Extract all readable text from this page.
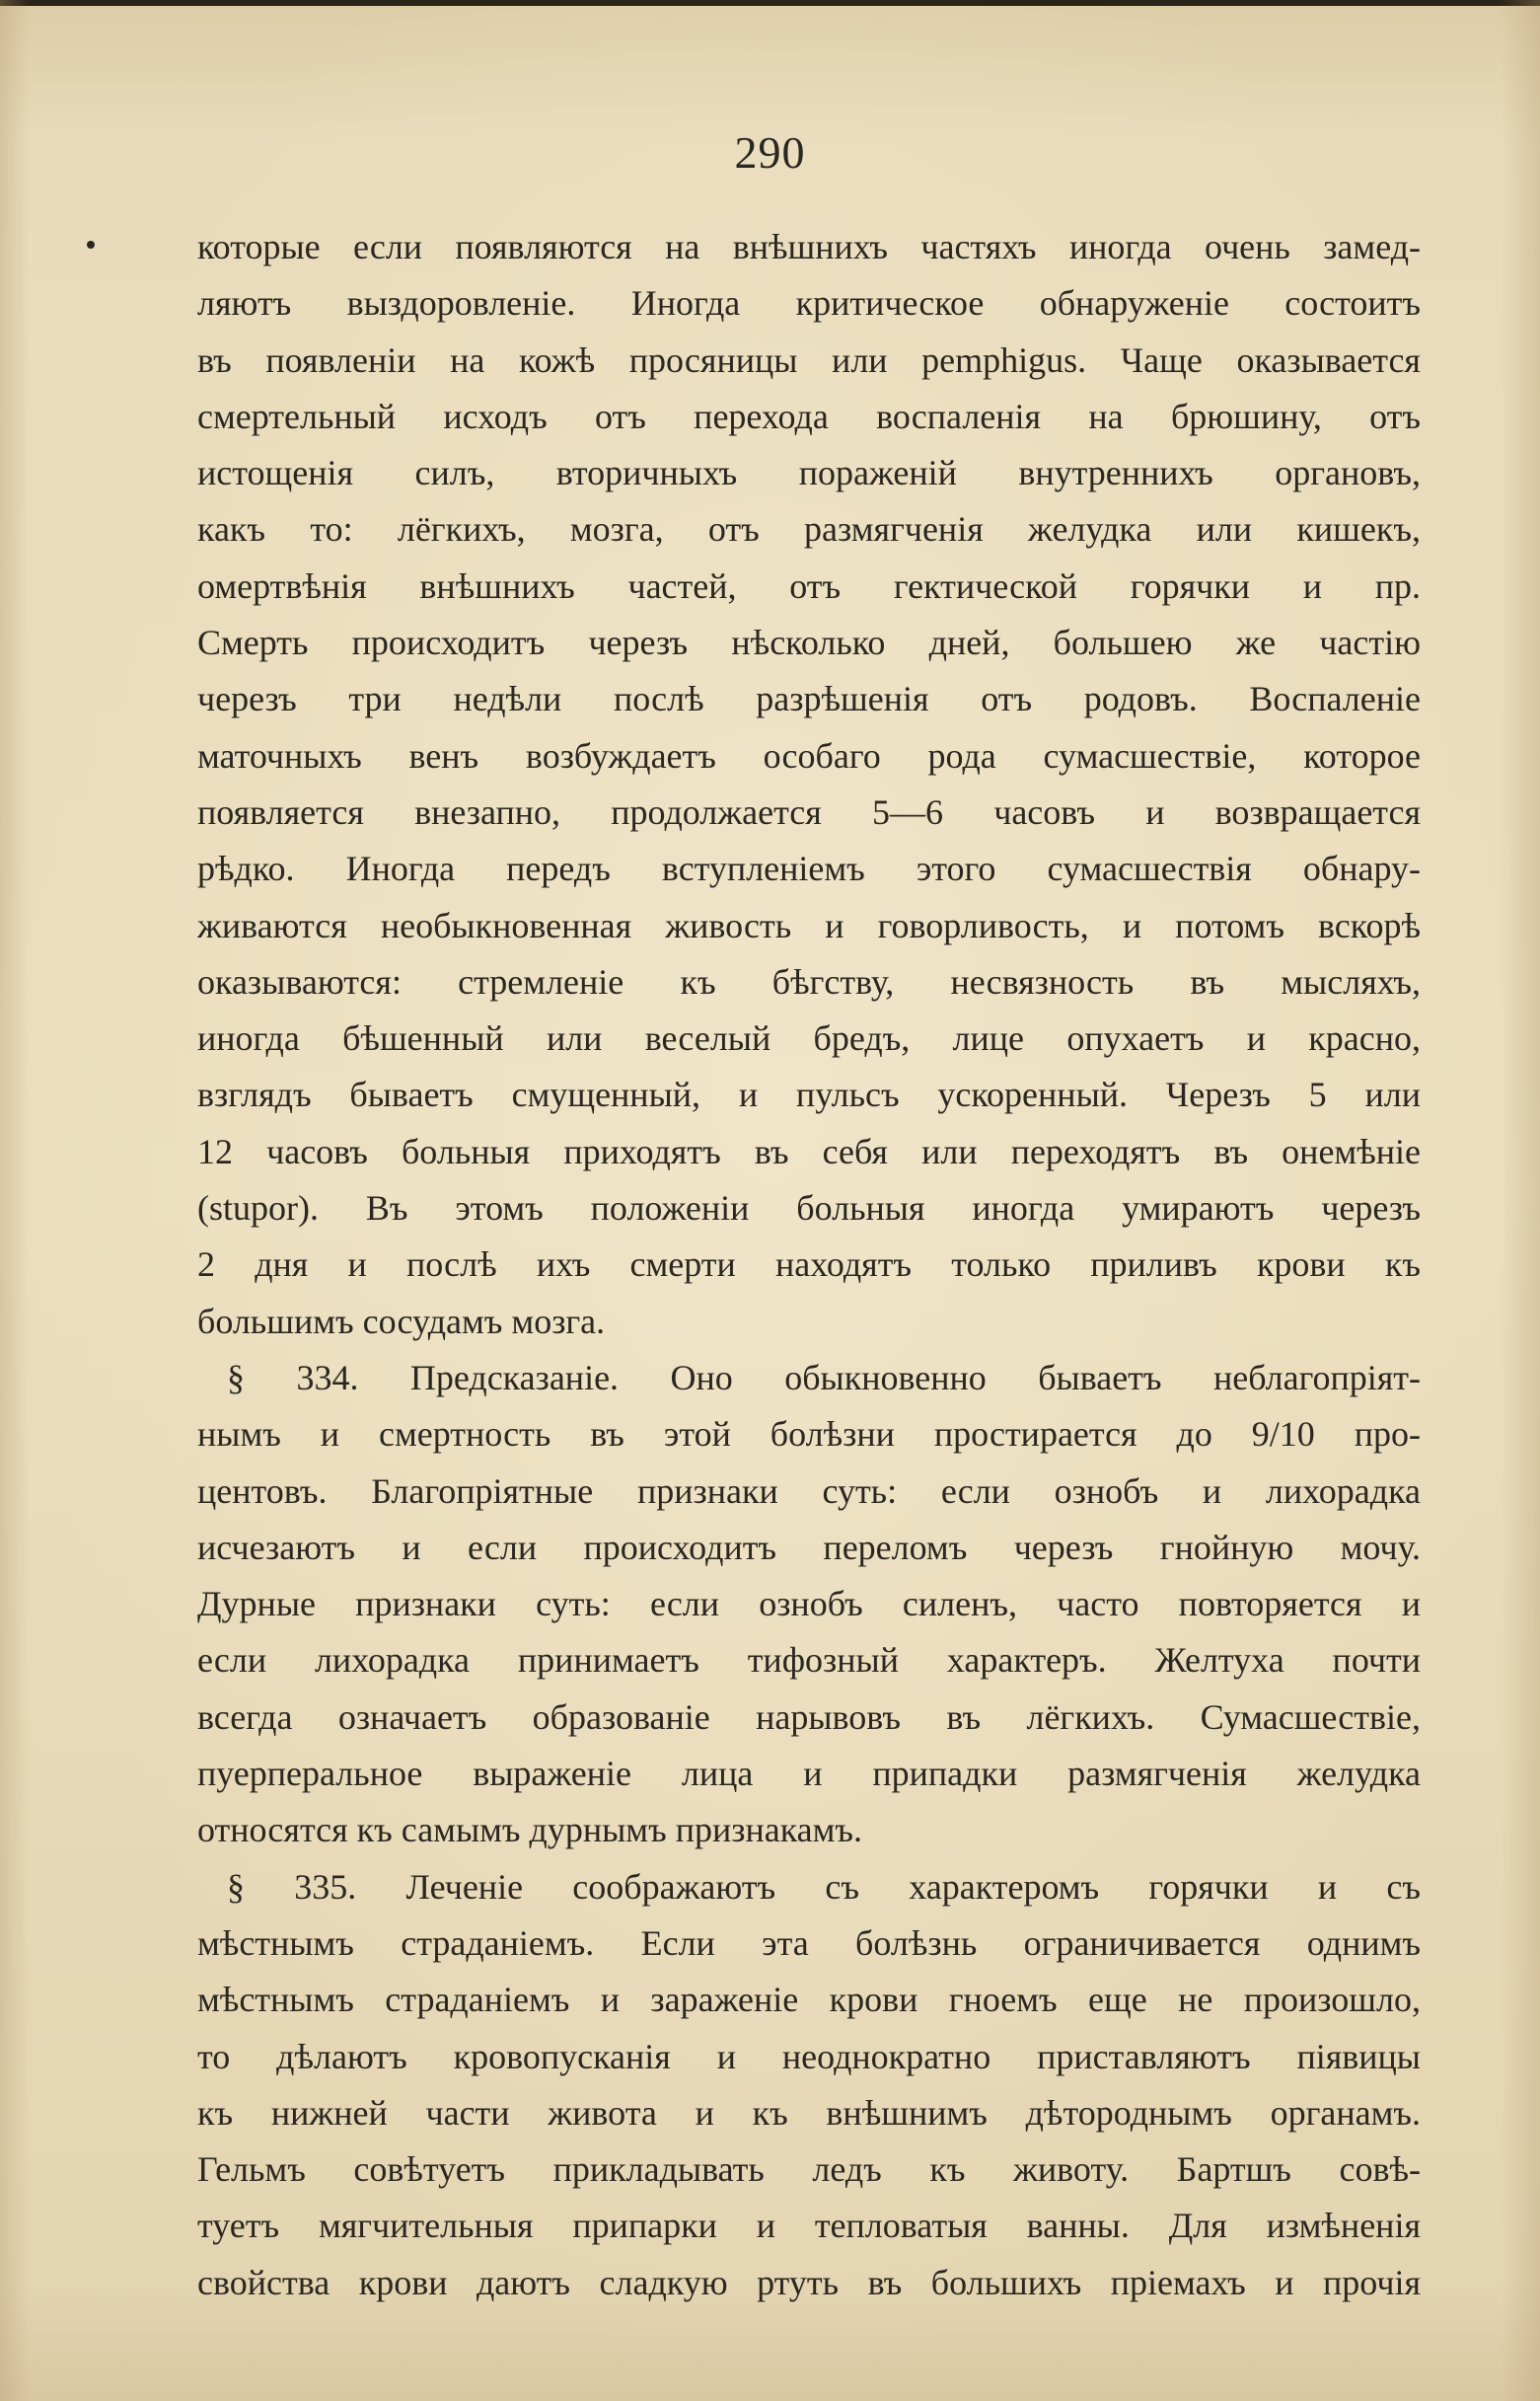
290
которые если появляются на внѣшнихъ частяхъ иногда очень замед-
ляютъ выздоровленіе. Иногда критическое обнаруженіе состоитъ
въ появленіи на кожѣ просяницы или pemphigus. Чаще оказывается
смертельный исходъ отъ перехода воспаленія на брюшину, отъ
истощенія силъ, вторичныхъ пораженій внутреннихъ органовъ,
какъ то: лёгкихъ, мозга, отъ размягченія желудка или кишекъ,
омертвѣнія внѣшнихъ частей, отъ гектической горячки и пр.
Смерть происходитъ черезъ нѣсколько дней, большею же частію
черезъ три недѣли послѣ разрѣшенія отъ родовъ. Воспаленіе
маточныхъ венъ возбуждаетъ особаго рода сумасшествіе, которое
появляется внезапно, продолжается 5—6 часовъ и возвращается
рѣдко. Иногда передъ вступленіемъ этого сумасшествія обнару-
живаются необыкновенная живость и говорливость, и потомъ вскорѣ
оказываются: стремленіе къ бѣгству, несвязность въ мысляхъ,
иногда бѣшенный или веселый бредъ, лице опухаетъ и красно,
взглядъ бываетъ смущенный, и пульсъ ускоренный. Черезъ 5 или
12 часовъ больныя приходятъ въ себя или переходятъ въ онемѣніе
(stupor). Въ этомъ положеніи больныя иногда умираютъ черезъ
2 дня и послѣ ихъ смерти находятъ только приливъ крови къ
большимъ сосудамъ мозга.
§ 334. Предсказаніе. Оно обыкновенно бываетъ неблагопріят-
нымъ и смертность въ этой болѣзни простирается до 9/10 про-
центовъ. Благопріятные признаки суть: если ознобъ и лихорадка
исчезаютъ и если происходитъ переломъ черезъ гнойную мочу.
Дурные признаки суть: если ознобъ силенъ, часто повторяется и
если лихорадка принимаетъ тифозный характеръ. Желтуха почти
всегда означаетъ образованіе нарывовъ въ лёгкихъ. Сумасшествіе,
пуерперальное выраженіе лица и припадки размягченія желудка
относятся къ самымъ дурнымъ признакамъ.
§ 335. Леченіе соображаютъ съ характеромъ горячки и съ
мѣстнымъ страданіемъ. Если эта болѣзнь ограничивается однимъ
мѣстнымъ страданіемъ и зараженіе крови гноемъ еще не произошло,
то дѣлаютъ кровопусканія и неоднократно приставляютъ піявицы
къ нижней части живота и къ внѣшнимъ дѣтороднымъ органамъ.
Гельмъ совѣтуетъ прикладывать ледъ къ животу. Бартшъ совѣ-
туетъ мягчительныя припарки и тепловатыя ванны. Для измѣненія
свойства крови даютъ сладкую ртуть въ большихъ пріемахъ и прочія
